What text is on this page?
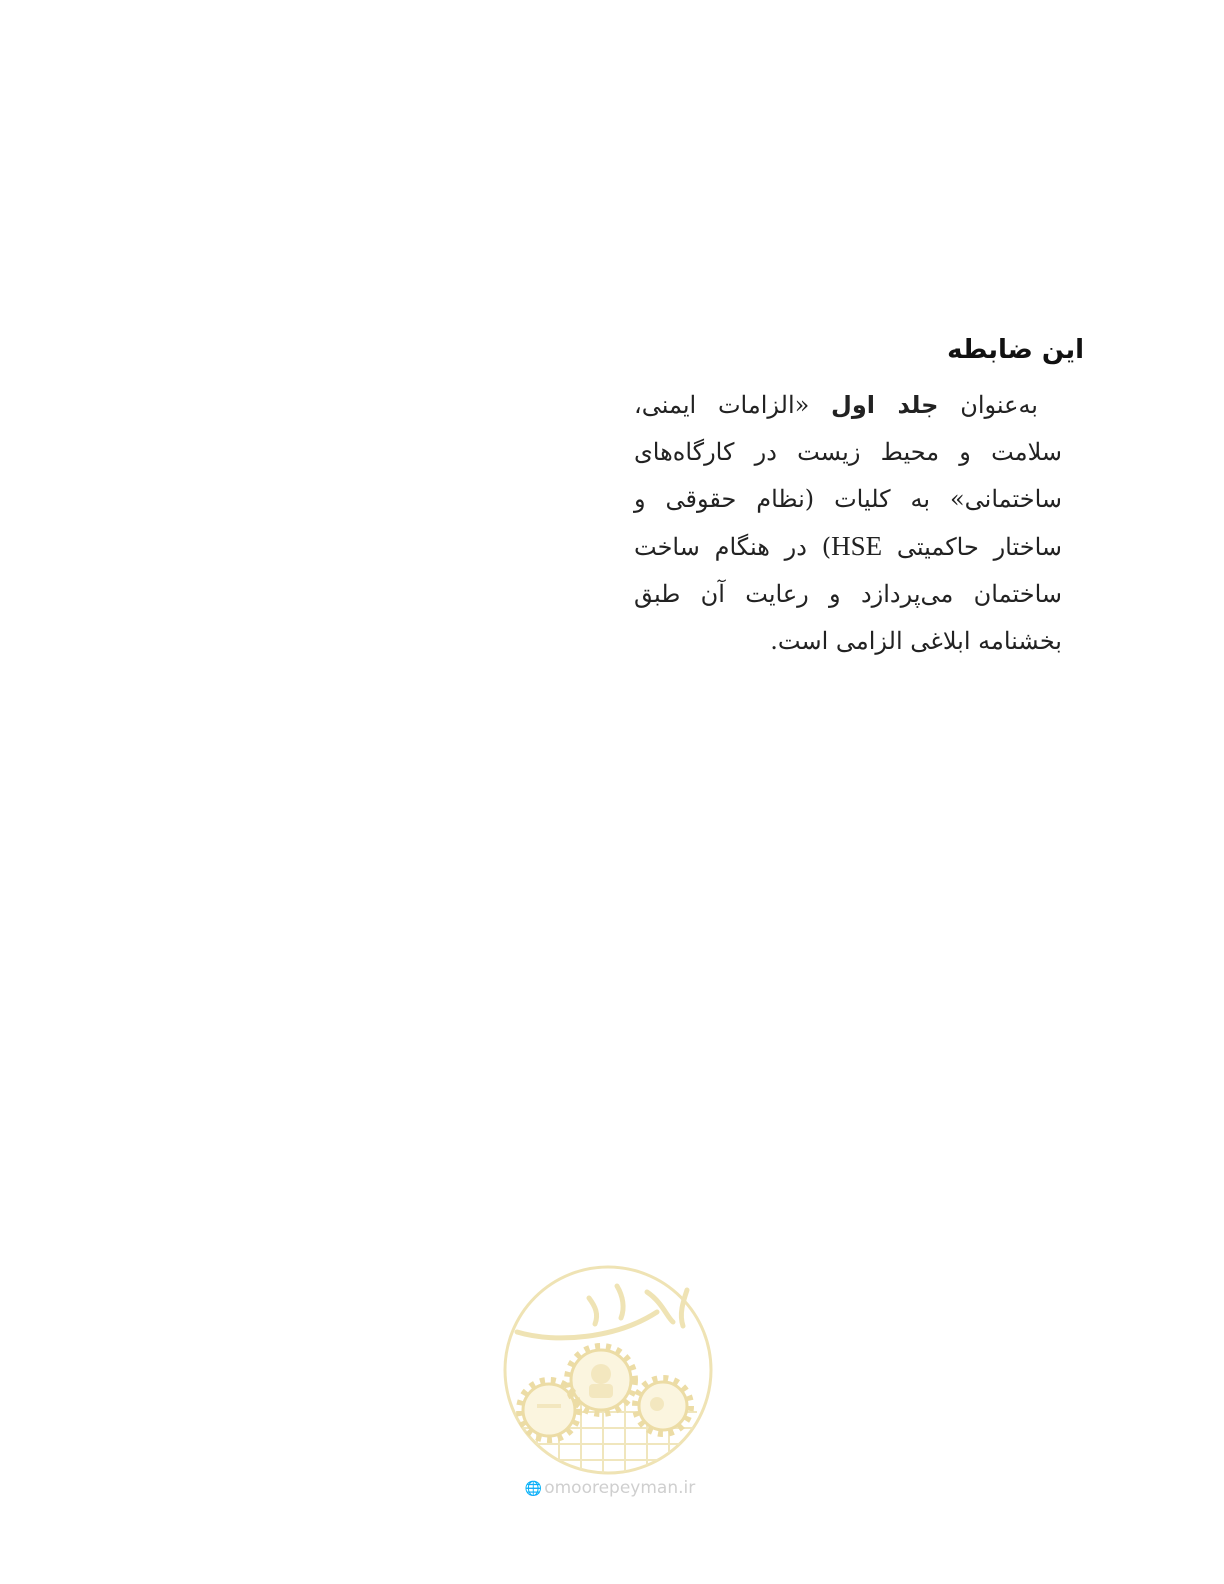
این ضابطه
به‌عنوان جلد اول «الزامات ایمنی، سلامت و محیط زیست در کارگاه‌های ساختمانی» به کلیات (نظام حقوقی و ساختار حاکمیتی HSE) در هنگام ساخت ساختمان می‌پردازد و رعایت آن طبق بخشنامه ابلاغی الزامی است.
🌐 omoorepeyman.ir
